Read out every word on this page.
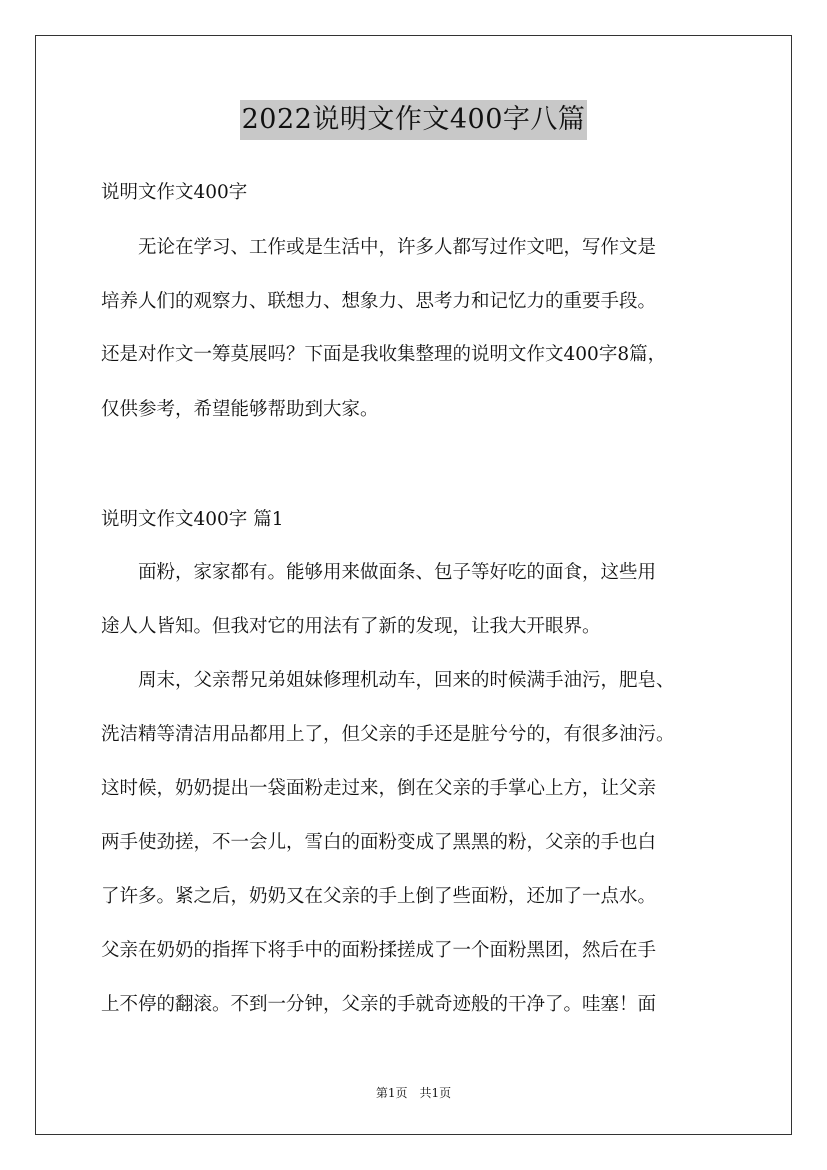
2022说明文作文400字八篇
说明文作文400字
　　无论在学习、工作或是生活中，许多人都写过作文吧，写作文是
培养人们的观察力、联想力、想象力、思考力和记忆力的重要手段。
还是对作文一筹莫展吗？下面是我收集整理的说明文作文400字8篇，
仅供参考，希望能够帮助到大家。
说明文作文400字 篇1
　　面粉，家家都有。能够用来做面条、包子等好吃的面食，这些用
途人人皆知。但我对它的用法有了新的发现，让我大开眼界。
　　周末，父亲帮兄弟姐妹修理机动车，回来的时候满手油污，肥皂、
洗洁精等清洁用品都用上了，但父亲的手还是脏兮兮的，有很多油污。
这时候，奶奶提出一袋面粉走过来，倒在父亲的手掌心上方，让父亲
两手使劲搓，不一会儿，雪白的面粉变成了黑黑的粉，父亲的手也白
了许多。紧之后，奶奶又在父亲的手上倒了些面粉，还加了一点水。
父亲在奶奶的指挥下将手中的面粉揉搓成了一个面粉黑团，然后在手
上不停的翻滚。不到一分钟，父亲的手就奇迹般的干净了。哇塞！面
第1页　共1页
